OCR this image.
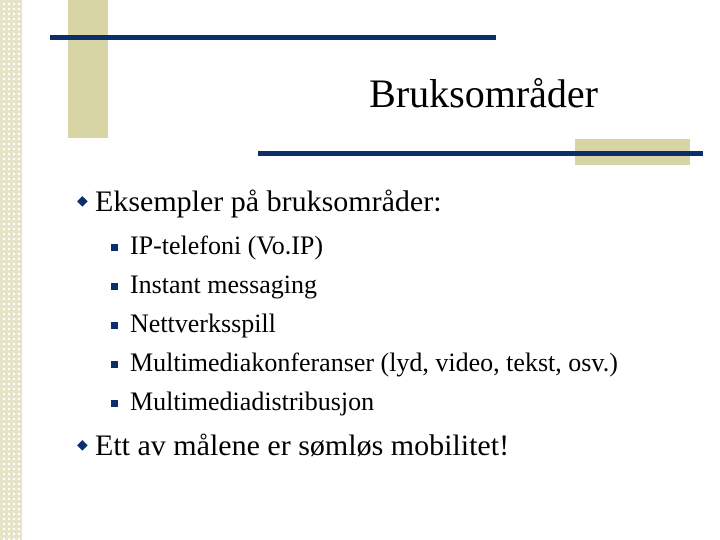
Bruksområder
◆ Eksempler på bruksområder:
IP-telefoni (Vo.IP)
Instant messaging
Nettverksspill
Multimediakonferanser (lyd, video, tekst, osv.)
Multimediadistribusjon
◆ Ett av målene er sømløs mobilitet!
